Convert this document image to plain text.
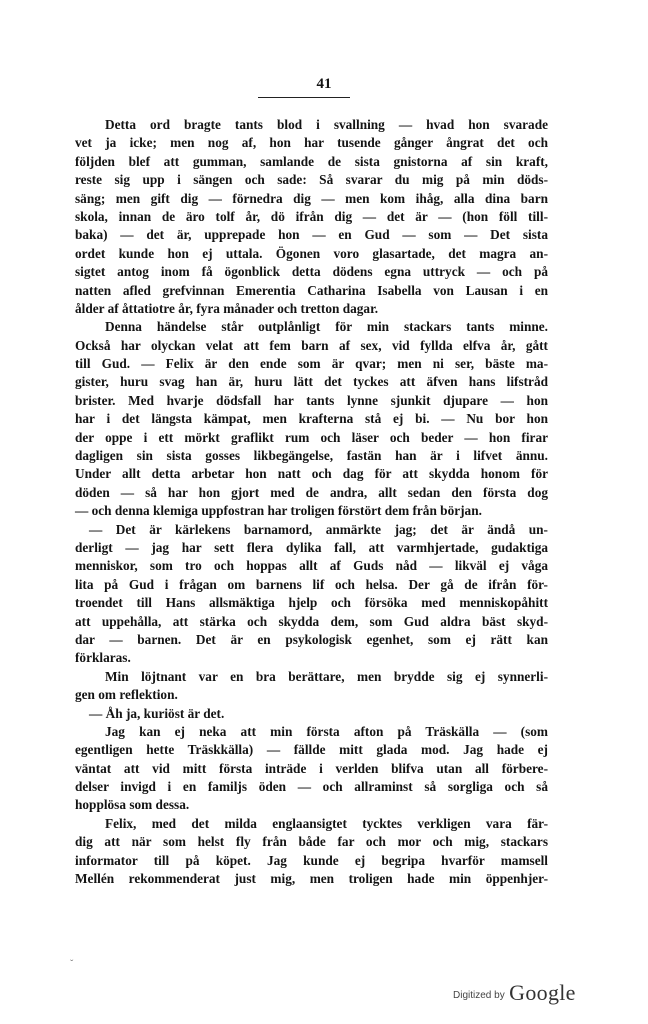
41
Detta ord bragte tants blod i svallning — hvad hon svarade
vet ja icke; men nog af, hon har tusende gånger ångrat det och
följden blef att gumman, samlande de sista gnistorna af sin kraft,
reste sig upp i sängen och sade: Så svarar du mig på min döds-
säng; men gift dig — förnedra dig — men kom ihåg, alla dina barn
skola, innan de äro tolf år, dö ifrån dig — det är — (hon föll till-
baka) — det är, upprepade hon — en Gud — som — Det sista
ordet kunde hon ej uttala. Ögonen voro glasartade, det magra an-
sigtet antog inom få ögonblick detta dödens egna uttryck — och på
natten afled grefvinnan Emerentia Catharina Isabella von Lausan i en
ålder af åttatiotre år, fyra månader och tretton dagar.
Denna händelse står outplånligt för min stackars tants minne.
Också har olyckan velat att fem barn af sex, vid fyllda elfva år, gått
till Gud. — Felix är den ende som är qvar; men ni ser, bäste ma-
gister, huru svag han är, huru lätt det tyckes att äfven hans lifstråd
brister. Med hvarje dödsfall har tants lynne sjunkit djupare — hon
har i det längsta kämpat, men krafterna stå ej bi. — Nu bor hon
der oppe i ett mörkt graflikt rum och läser och beder — hon firar
dagligen sin sista gosses likbegängelse, fastän han är i lifvet ännu.
Under allt detta arbetar hon natt och dag för att skydda honom för
döden — så har hon gjort med de andra, allt sedan den första dog
— och denna klemiga uppfostran har troligen förstört dem från början.
— Det är kärlekens barnamord, anmärkte jag; det är ändå un-
derligt — jag har sett flera dylika fall, att varmhjertade, gudaktiga
menniskor, som tro och hoppas allt af Guds nåd — likväl ej våga
lita på Gud i frågan om barnens lif och helsa. Der gå de ifrån för-
troendet till Hans allsmäktiga hjelp och försöka med menniskopåhitt
att uppehålla, att stärka och skydda dem, som Gud aldra bäst skyd-
dar — barnen. Det är en psykologisk egenhet, som ej rätt kan
förklaras.
Min löjtnant var en bra berättare, men brydde sig ej synnerli-
gen om reflektion.
— Åh ja, kuriöst är det.
Jag kan ej neka att min första afton på Träskälla — (som
egentligen hette Träskkälla) — fällde mitt glada mod. Jag hade ej
väntat att vid mitt första inträde i verlden blifva utan all förbere-
delser invigd i en familjs öden — och allraminst så sorgliga och så
hopplösa som dessa.
Felix, med det milda englaansigtet tycktes verkligen vara fär-
dig att när som helst fly från både far och mor och mig, stackars
informator till på köpet. Jag kunde ej begripa hvarför mamsell
Mellén rekommenderat just mig, men troligen hade min öppenhjer-
ˇ
Digitized by Google
